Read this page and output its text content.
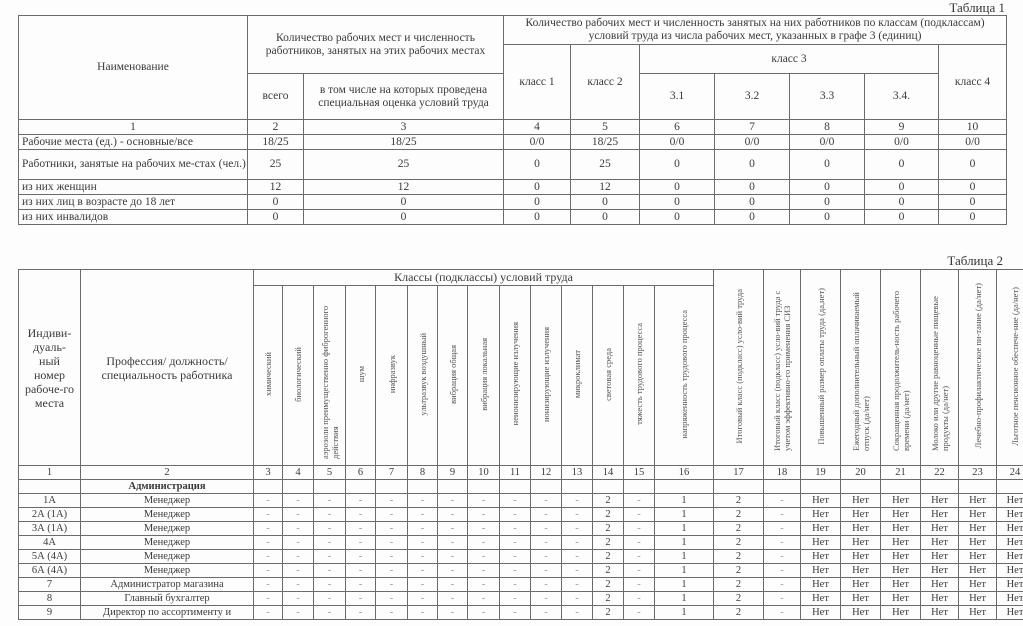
Таблица 1
Наименование	Количество рабочих мест и численность работников, занятых на этих рабочих местах		Количество рабочих мест и численность занятых на них работников по классам (подклассам) условий труда из числа рабочих мест, указанных в графе 3 (единиц)						
			класс 1	класс 2	класс 3				класс 4
	всего	в том числе на которых проведена специальная оценка условий труда			3.1	3.2	3.3	3.4.	
1	2	3	4	5	6	7	8	9	10
Рабочие места (ед.) - основные/все	18/25	18/25	0/0	18/25	0/0	0/0	0/0	0/0	0/0
Работники, занятые на рабочих ме-стах (чел.)	25	25	0	25	0	0	0	0	0
из них женщин	12	12	0	12	0	0	0	0	0
из них лиц в возрасте до 18 лет	0	0	0	0	0	0	0	0	0
из них инвалидов	0	0	0	0	0	0	0	0	0
Таблица 2
Индиви-дуаль-ный номер рабоче-го места	Профессия/ должность/ специальность работника	Классы (подклассы) условий труда														Итоговый класс (подкласс) усло-вий труда	Итоговый класс (подкласс) усло-вий труда с учетом эффективно-го применения СИЗ	Повышенный размер оплаты труда (да,нет)	Ежегодный дополнительный оплачиваемый отпуск (да/нет)	Сокращенная продолжитель-ность рабочего времени (да/нет)	Молоко или другие равноценные пищевые продукты (да/нет)	Лечебно-профилактическое пи-тание (да/нет)	Льготное пенсионное обеспече-ние (да/нет)
		химический	биологический	аэрозоли преимущественно фиброгенного действия	шум	инфразвук	ультразвук воздушный	вибрация общая	вибрация локальная	неионизирующие излучения	ионизирующие излучения	микроклимат	световая среда	тяжесть трудового процесса	напряженность трудового процесса								
1	2	3	4	5	6	7	8	9	10	11	12	13	14	15	16	17	18	19	20	21	22	23	24
	Администрация																						
1А	Менеджер	-	-	-	-	-	-	-	-	-	-	-	2	-	1	2	-	Нет	Нет	Нет	Нет	Нет	Нет
2А (1А)	Менеджер	-	-	-	-	-	-	-	-	-	-	-	2	-	1	2	-	Нет	Нет	Нет	Нет	Нет	Нет
3А (1А)	Менеджер	-	-	-	-	-	-	-	-	-	-	-	2	-	1	2	-	Нет	Нет	Нет	Нет	Нет	Нет
4А	Менеджер	-	-	-	-	-	-	-	-	-	-	-	2	-	1	2	-	Нет	Нет	Нет	Нет	Нет	Нет
5А (4А)	Менеджер	-	-	-	-	-	-	-	-	-	-	-	2	-	1	2	-	Нет	Нет	Нет	Нет	Нет	Нет
6А (4А)	Менеджер	-	-	-	-	-	-	-	-	-	-	-	2	-	1	2	-	Нет	Нет	Нет	Нет	Нет	Нет
7	Администратор магазина	-	-	-	-	-	-	-	-	-	-	-	2	-	1	2	-	Нет	Нет	Нет	Нет	Нет	Нет
8	Главный бухгалтер	-	-	-	-	-	-	-	-	-	-	-	2	-	1	2	-	Нет	Нет	Нет	Нет	Нет	Нет
9	Директор по ассортименту и	-	-	-	-	-	-	-	-	-	-	-	2	-	1	2	-	Нет	Нет	Нет	Нет	Нет	Нет
